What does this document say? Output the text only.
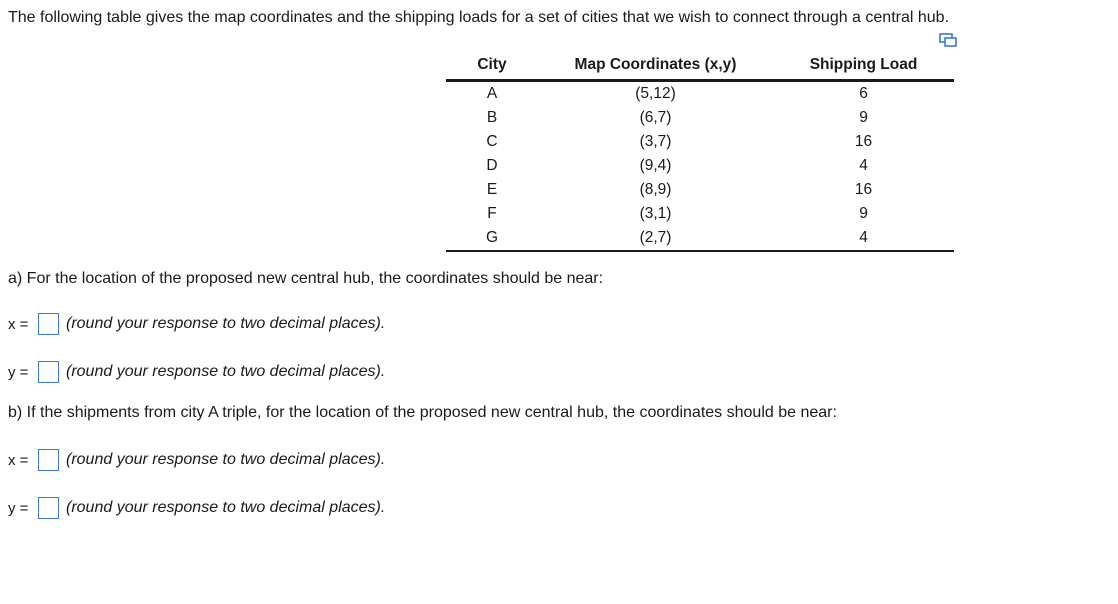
The following table gives the map coordinates and the shipping loads for a set of cities that we wish to connect through a central hub.
City	Map Coordinates (x,y)	Shipping Load
A	(5,12)	6
B	(6,7)	9
C	(3,7)	16
D	(9,4)	4
E	(8,9)	16
F	(3,1)	9
G	(2,7)	4
a) For the location of the proposed new central hub, the coordinates should be near:
x =	(round your response to two decimal places).
y =	(round your response to two decimal places).
b) If the shipments from city A triple, for the location of the proposed new central hub, the coordinates should be near:
x =	(round your response to two decimal places).
y =	(round your response to two decimal places).
